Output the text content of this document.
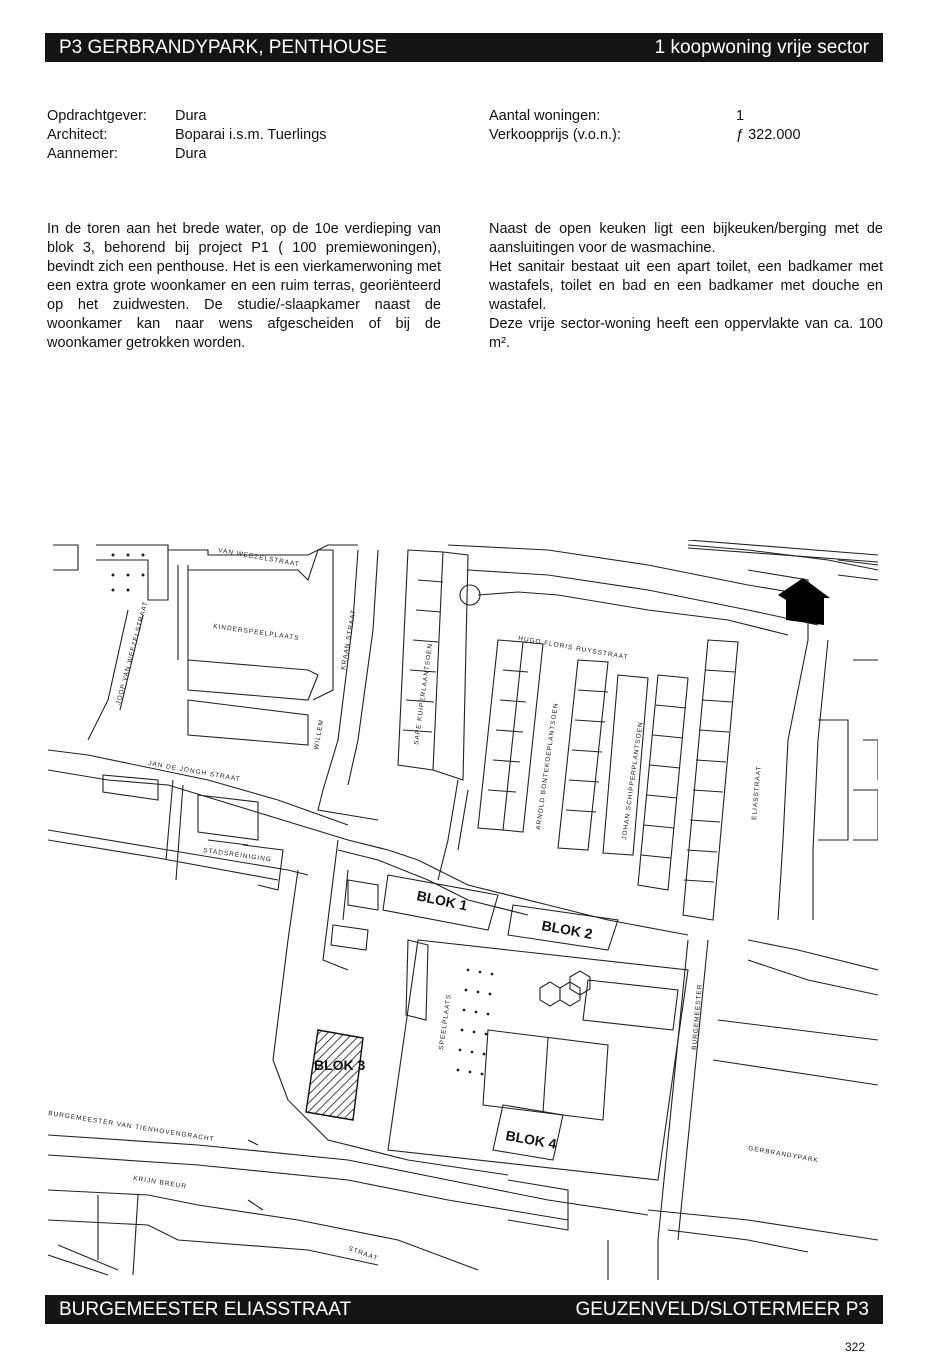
P3 GERBRANDYPARK, PENTHOUSE	1 koopwoning vrije sector
Opdrachtgever:	Dura
Architect:	Boparai i.s.m. Tuerlings
Aannemer:	Dura
Aantal woningen:	1
Verkoopprijs (v.o.n.):	ƒ 322.000

In de toren aan het brede water, op de 10e verdieping van blok 3, behorend bij project P1 ( 100 premiewoningen), bevindt zich een penthouse. Het is een vierkamerwoning met een extra grote woonkamer en een ruim terras, georiënteerd op het zuidwesten. De studie/-slaapkamer naast de woonkamer kan naar wens afgescheiden of bij de woonkamer getrokken worden.

Naast de open keuken ligt een bijkeuken/berging met de aansluitingen voor de wasmachine.

Het sanitair bestaat uit een apart toilet, een badkamer met wastafels, toilet en bad en een badkamer met douche en wastafel.

Deze vrije sector-woning heeft een oppervlakte van ca. 100 m².

VAN WEEZELSTRAAT
JOOP VAN WEEZELSTRAAT	KRAAN STRAAT
WILLEM
JAN DE JONGH STRAAT
SAPE KUIPERLAANTSOEN	HUGO FLORIS RUYSSTRAAT
ARNOLD BONTEKOEPLANTSOEN	JOHAN SCHIPPERPLANTSOEN	ELIASSTRAAT
BURGEMEESTER
GERBRANDYPARK
BURGEMEESTER VAN TIENHOVENGRACHT
KRIJN BREUR
STRAAT
STADSREINIGING
KINDERSPEELPLAATS
SPEELPLAATS
BLOK 1
BLOK 2
BLOK 3
BLOK 4
BURGEMEESTER ELIASSTRAAT	GEUZENVELD/SLOTERMEER P3
322
